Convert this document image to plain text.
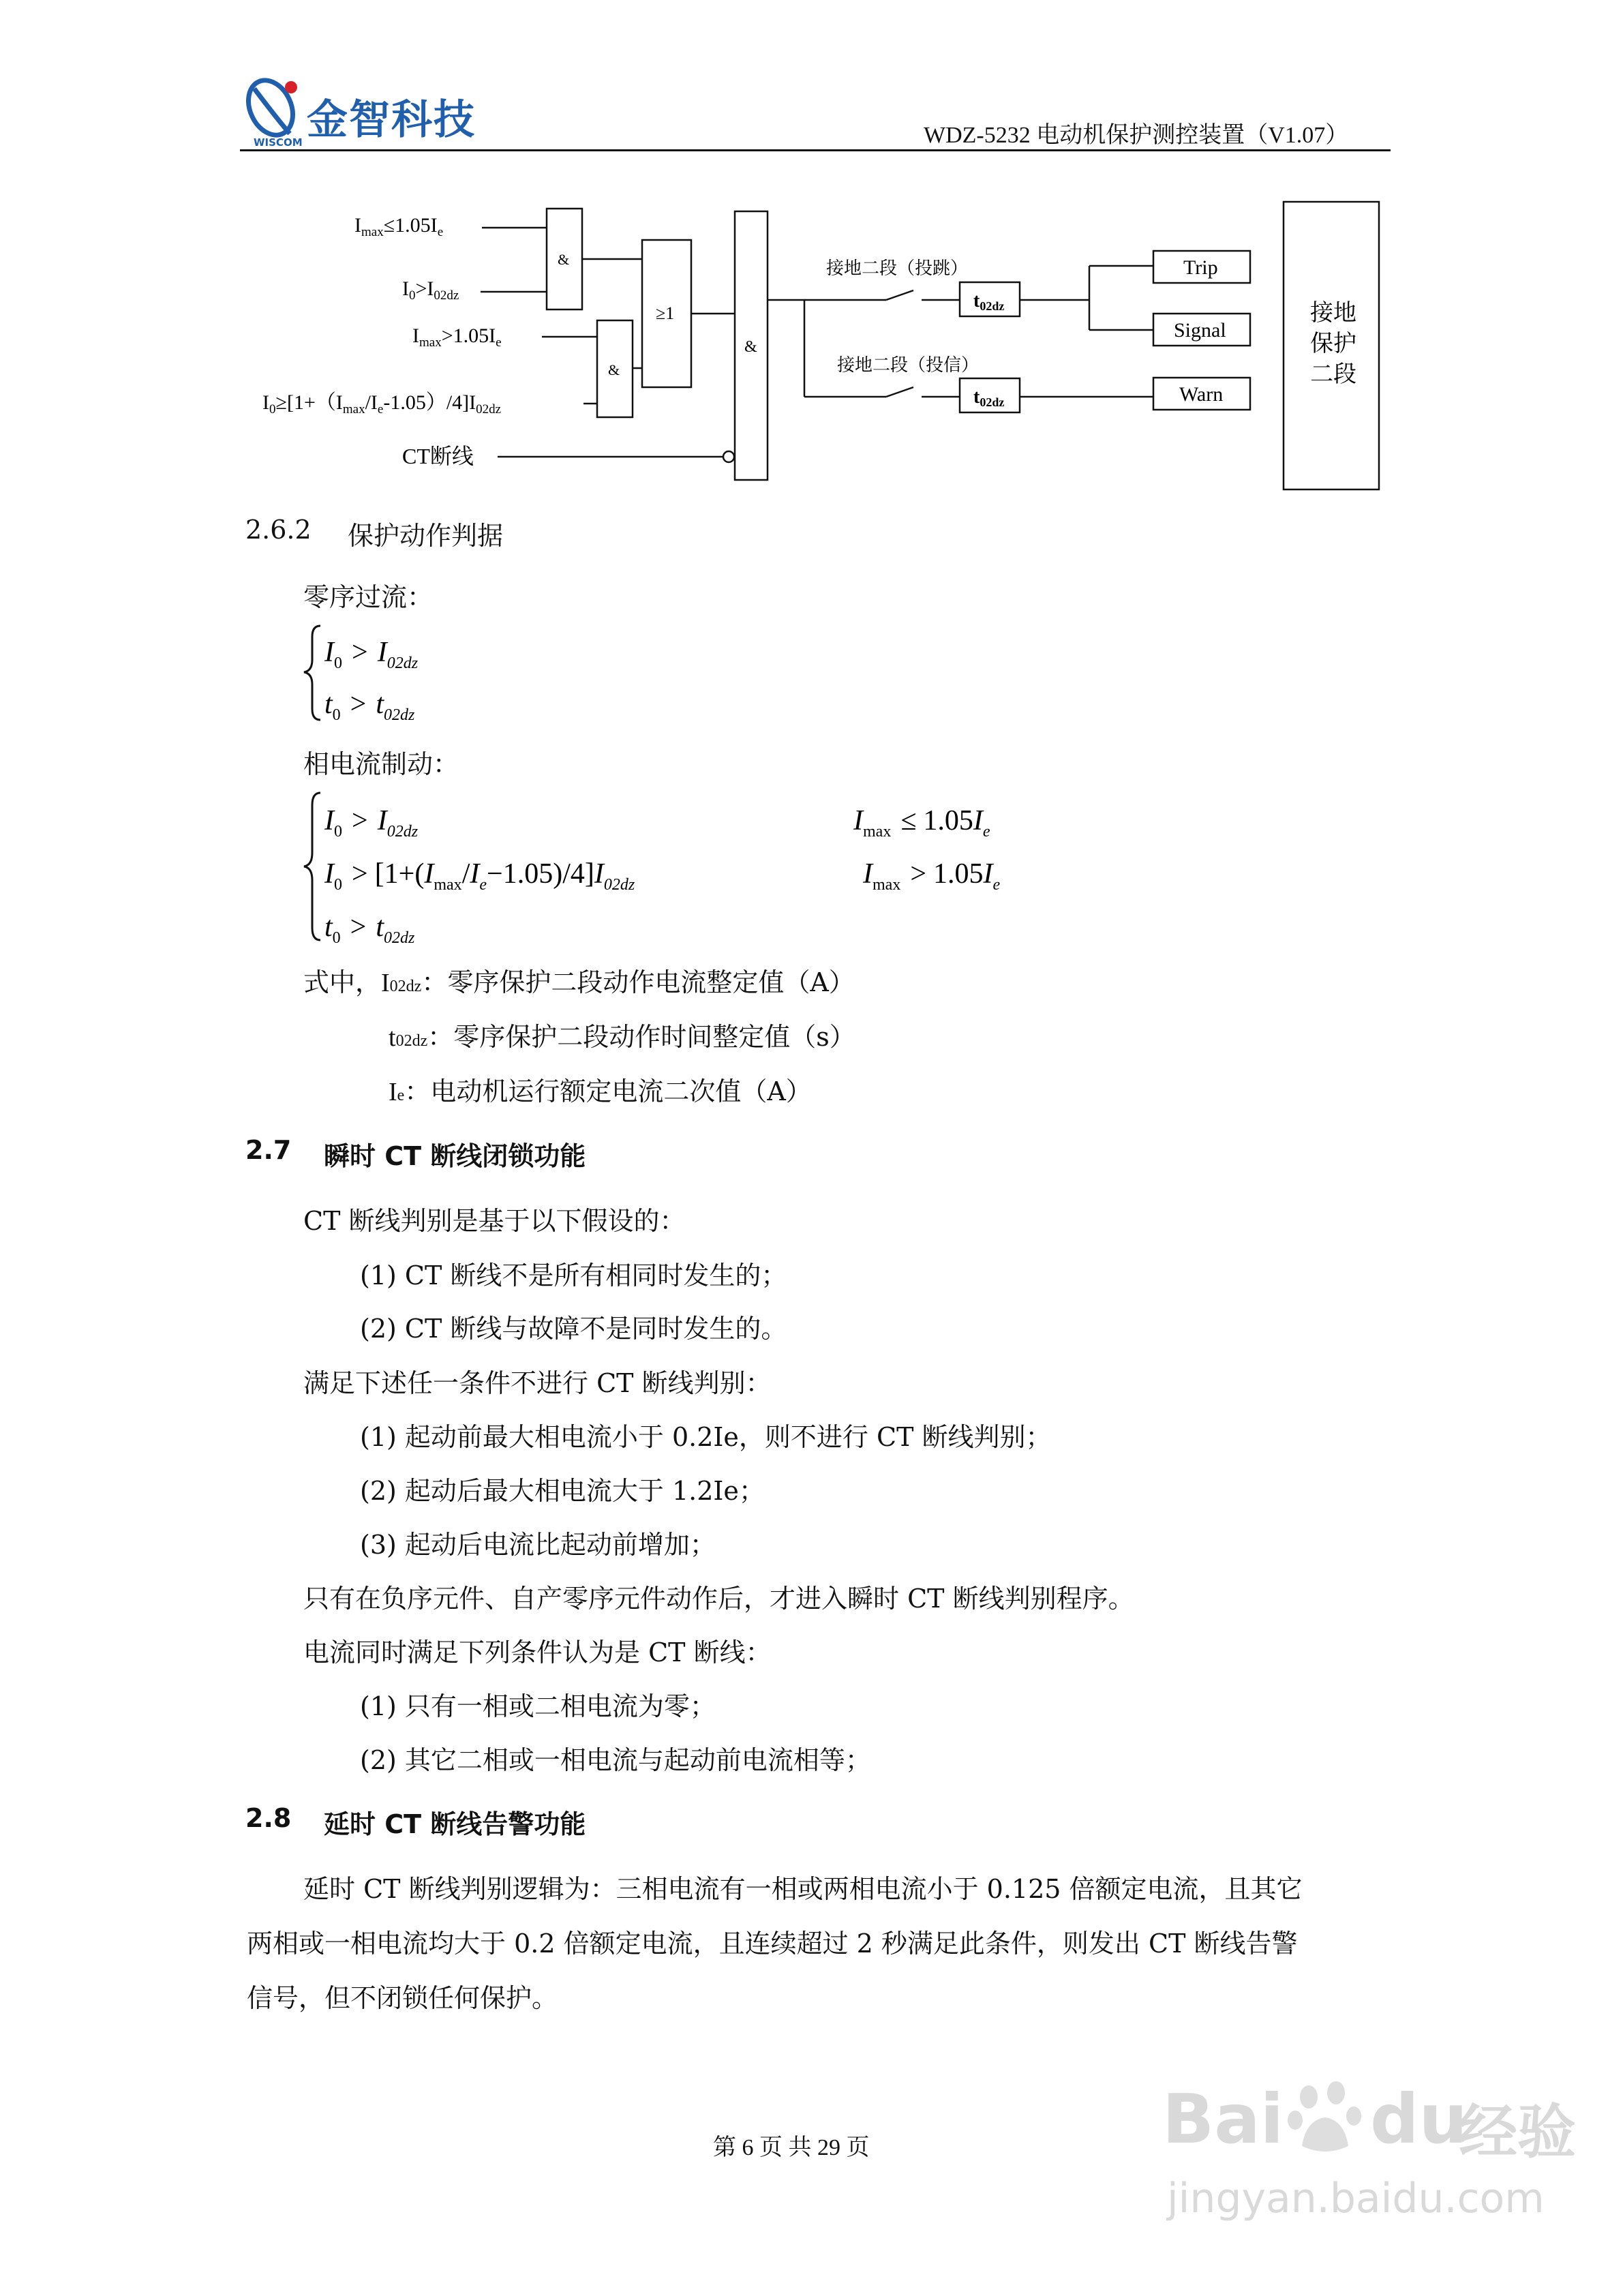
金智科技
WISCOM	WDZ-5232 电动机保护测控装置（V1.07）
$I_{max}\le 1.05I_e$
$I_0>I_{02dz}$
$I_{max}>1.05I_e$
$I_0\ge[1+(I_{max}/I_e-1.05)/4]I_{02dz}$
CT断线
&
≥1
&
&
接地二段（投跳）
接地二段（投信）
t02dz
t02dz
Trip
Signal
Warn
接地
保护
二段
2.6.2 保护动作判据
零序过流：
$I_0 > I_{02dz}$
$t_0 > t_{02dz}$
相电流制动：
$I_0 > I_{02dz}$
$I_0 > [1+(I_{max}/I_e-1.05)/4]I_{02dz}$
$t_0 > t_{02dz}$
$I_{max} \le 1.05I_e$
$I_{max} > 1.05I_e$
式中，I02dz：零序保护二段动作电流整定值（A）
t02dz：零序保护二段动作时间整定值（s）
Ie：电动机运行额定电流二次值（A）
2.7 瞬时 CT 断线闭锁功能
CT 断线判别是基于以下假设的：
(1) CT 断线不是所有相同时发生的；
(2) CT 断线与故障不是同时发生的。
满足下述任一条件不进行 CT 断线判别：
(1) 起动前最大相电流小于 0.2Ie，则不进行 CT 断线判别；
(2) 起动后最大相电流大于 1.2Ie；
(3) 起动后电流比起动前增加；
只有在负序元件、自产零序元件动作后，才进入瞬时 CT 断线判别程序。
电流同时满足下列条件认为是 CT 断线：
(1) 只有一相或二相电流为零；
(2) 其它二相或一相电流与起动前电流相等；
2.8 延时 CT 断线告警功能
延时 CT 断线判别逻辑为：三相电流有一相或两相电流小于 0.125 倍额定电流，且其它
两相或一相电流均大于 0.2 倍额定电流，且连续超过 2 秒满足此条件，则发出 CT 断线告警
信号，但不闭锁任何保护。
第 6 页 共 29 页	Bai du
经验
jingyan.baidu.com
